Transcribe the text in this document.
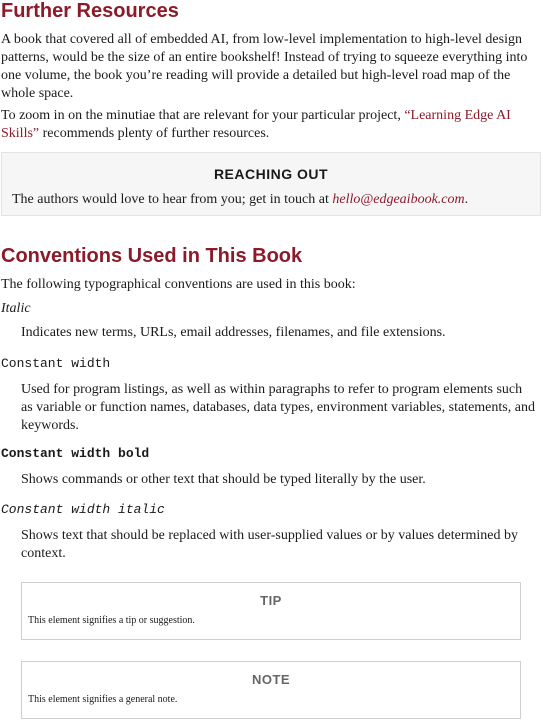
Further Resources

A book that covered all of embedded AI, from low-level implementation to high-level design patterns, would be the size of an entire bookshelf! Instead of trying to squeeze everything into one volume, the book you’re reading will provide a detailed but high-level road map of the whole space.

To zoom in on the minutiae that are relevant for your particular project, “Learning Edge AI Skills” recommends plenty of further resources.

REACHING OUT

The authors would love to hear from you; get in touch at hello@edgeaibook.com.

Conventions Used in This Book

The following typographical conventions are used in this book:

Italic

Indicates new terms, URLs, email addresses, filenames, and file extensions.

Constant width

Used for program listings, as well as within paragraphs to refer to program elements such as variable or function names, databases, data types, environment variables, statements, and keywords.

Constant width bold

Shows commands or other text that should be typed literally by the user.

Constant width italic

Shows text that should be replaced with user-supplied values or by values determined by context.

TIP
This element signifies a tip or suggestion.
NOTE
This element signifies a general note.
